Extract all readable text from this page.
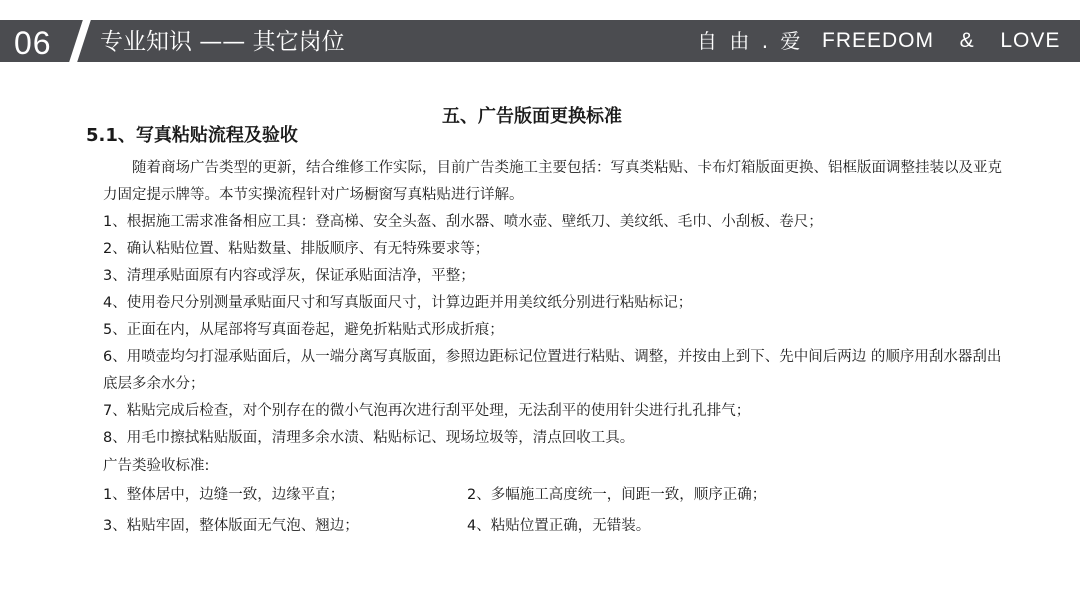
06 专业知识 —— 其它岗位	自 由 . 爱 FREEDOM  &  LOVE
五、广告版面更换标准
5.1、写真粘贴流程及验收

随着商场广告类型的更新，结合维修工作实际，目前广告类施工主要包括：写真类粘贴、卡布灯箱版面更换、铝框版面调整挂装以及亚克力固定提示牌等。本节实操流程针对广场橱窗写真粘贴进行详解。

1、根据施工需求准备相应工具：登高梯、安全头盔、刮水器、喷水壶、壁纸刀、美纹纸、毛巾、小刮板、卷尺；

2、确认粘贴位置、粘贴数量、排版顺序、有无特殊要求等；

3、清理承贴面原有内容或浮灰，保证承贴面洁净，平整；

4、使用卷尺分别测量承贴面尺寸和写真版面尺寸，计算边距并用美纹纸分别进行粘贴标记；

5、正面在内，从尾部将写真面卷起，避免折粘贴式形成折痕；

6、用喷壶均匀打湿承贴面后，从一端分离写真版面，参照边距标记位置进行粘贴、调整，并按由上到下、先中间后两边 的顺序用刮水器刮出底层多余水分；

7、粘贴完成后检查，对个别存在的微小气泡再次进行刮平处理，无法刮平的使用针尖进行扎孔排气；

8、用毛巾擦拭粘贴版面，清理多余水渍、粘贴标记、现场垃圾等，清点回收工具。

广告类验收标准:

1、整体居中，边缝一致，边缘平直；	2、多幅施工高度统一，间距一致，顺序正确；
3、粘贴牢固，整体版面无气泡、翘边；	4、粘贴位置正确，无错装。
